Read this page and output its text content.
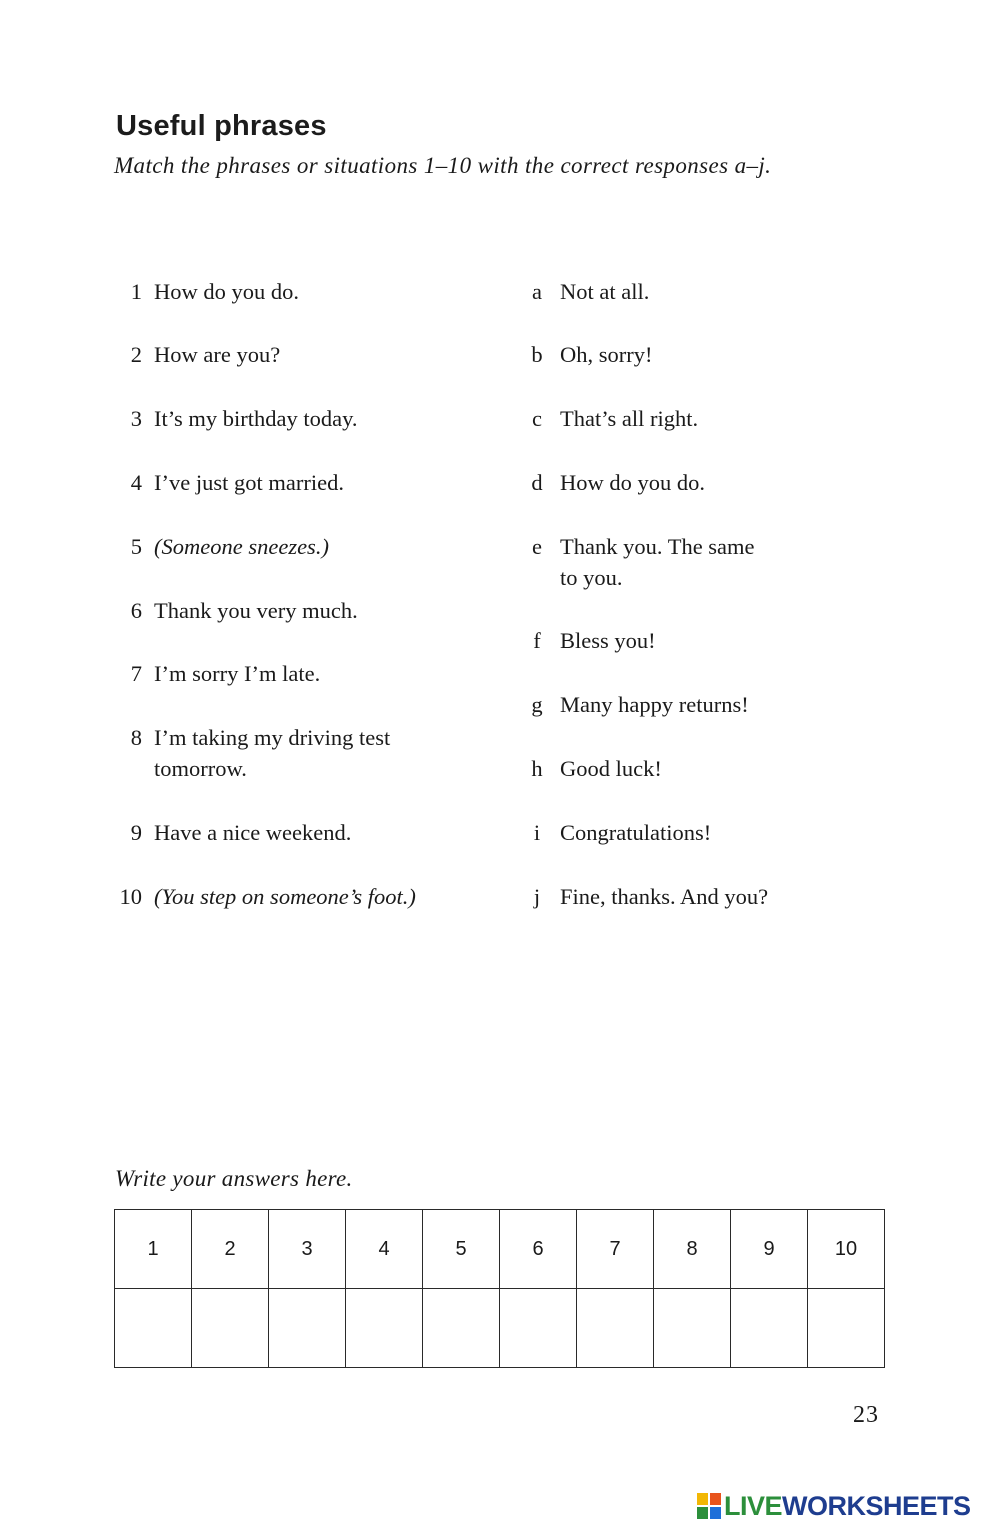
Useful phrases
Match the phrases or situations 1–10 with the correct responses a–j.
1 How do you do.
2 How are you?
3 It’s my birthday today.
4 I’ve just got married.
5 (Someone sneezes.)
6 Thank you very much.
7 I’m sorry I’m late.
8 I’m taking my driving test
tomorrow.
9 Have a nice weekend.
10 (You step on someone’s foot.)
a Not at all.
b Oh, sorry!
c That’s all right.
d How do you do.
e Thank you. The same
to you.
f Bless you!
g Many happy returns!
h Good luck!
i Congratulations!
j Fine, thanks. And you?
Write your answers here.
1	2	3	4	5	6	7	8	9	10

23
LIVEWORKSHEETS
